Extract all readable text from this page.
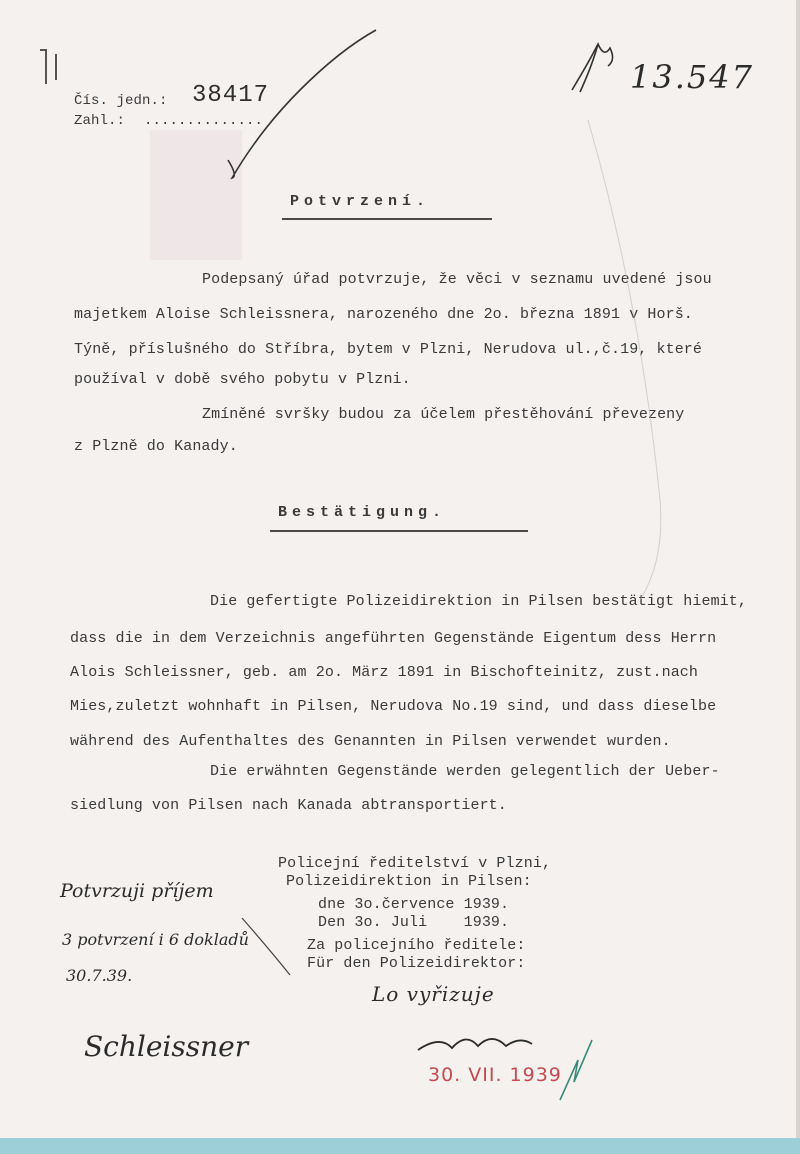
Čís. jedn.: 38417
Zahl.: ..............
13.547
Potvrzení.
Podepsaný úřad potvrzuje, že věci v seznamu uvedené jsou
majetkem Aloise Schleissnera, narozeného dne 2o. března 1891 v Horš.
Týně, příslušného do Stříbra, bytem v Plzni, Nerudova ul.,č.19, které
používal v době svého pobytu v Plzni.
Zmíněné svršky budou za účelem přestěhování převezeny
z Plzně do Kanady.
Bestätigung.
Die gefertigte Polizeidirektion in Pilsen bestätigt hiemit,
dass die in dem Verzeichnis angeführten Gegenstände Eigentum dess Herrn
Alois Schleissner, geb. am 2o. März 1891 in Bischofteinitz, zust.nach
Mies,zuletzt wohnhaft in Pilsen, Nerudova No.19 sind, und dass dieselbe
während des Aufenthaltes des Genannten in Pilsen verwendet wurden.
Die erwähnten Gegenstände werden gelegentlich der Ueber-
siedlung von Pilsen nach Kanada abtransportiert.
Policejní ředitelství v Plzni,
Polizeidirektion in Pilsen:
dne 3o.července 1939.
Den 3o. Juli    1939.
Za policejního ředitele:
Für den Polizeidirektor:
Potvrzuji příjem
3 potvrzení i 6 dokladů
30.7.39.
Schleissner
Lo vyřizuje
30. VII. 1939
